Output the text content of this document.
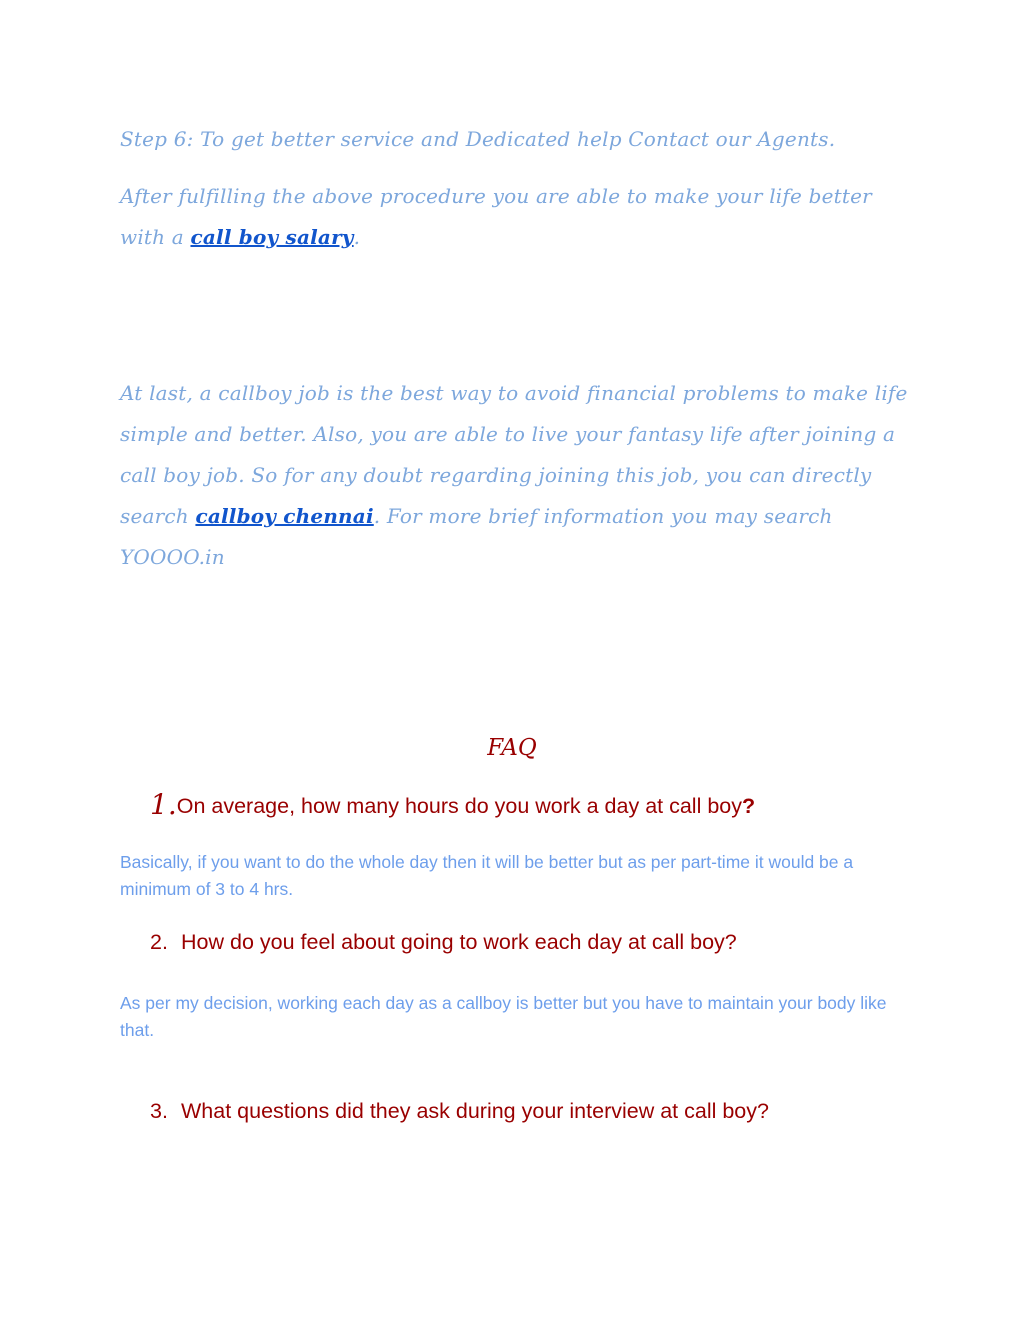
Step 6: To get better service and Dedicated help Contact our Agents.

After fulfilling the above procedure you are able to make your life better with a call boy salary.

At last, a callboy job is the best way to avoid financial problems to make life simple and better. Also, you are able to live your fantasy life after joining a call boy job. So for any doubt regarding joining this job, you can directly search callboy chennai. For more brief information you may search
YOOOO.in

FAQ

1.On average, how many hours do you work a day at call boy?

Basically, if you want to do the whole day then it will be better but as per part-time it would be a minimum of 3 to 4 hrs.

2. How do you feel about going to work each day at call boy?

As per my decision, working each day as a callboy is better but you have to maintain your body like that.

3. What questions did they ask during your interview at call boy?
